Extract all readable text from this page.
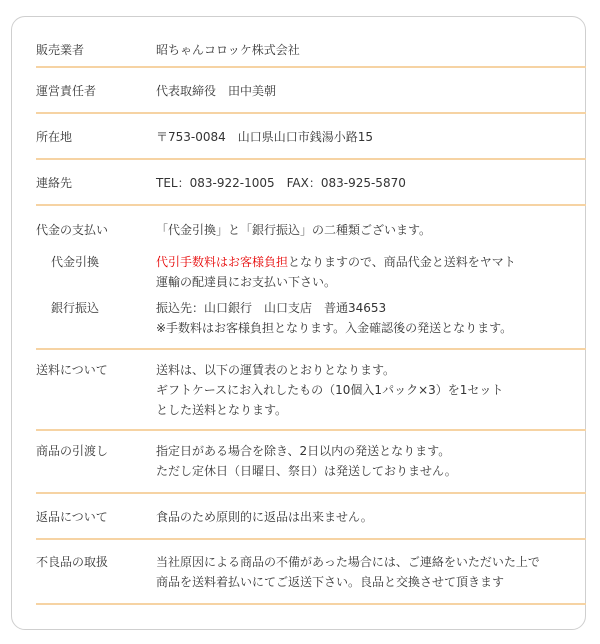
販売業者	昭ちゃんコロッケ株式会社
運営責任者	代表取締役　田中美朝
所在地	〒753-0084　山口県山口市銭湯小路15
連絡先	TEL：083-922-1005　FAX：083-925-5870
代金の支払い	「代金引換」と「銀行振込」の二種類ございます。
代金引換	代引手数料はお客様負担となりますので、商品代金と送料をヤマト
運輸の配達員にお支払い下さい。
銀行振込	振込先：山口銀行　山口支店　普通34653
※手数料はお客様負担となります。入金確認後の発送となります。
送料について	送料は、以下の運賃表のとおりとなります。
ギフトケースにお入れしたもの（10個入1パック×3）を1セット
とした送料となります。
商品の引渡し	指定日がある場合を除き、2日以内の発送となります。
ただし定休日（日曜日、祭日）は発送しておりません。
返品について	食品のため原則的に返品は出来ません。
不良品の取扱	当社原因による商品の不備があった場合には、ご連絡をいただいた上で
商品を送料着払いにてご返送下さい。良品と交換させて頂きます
